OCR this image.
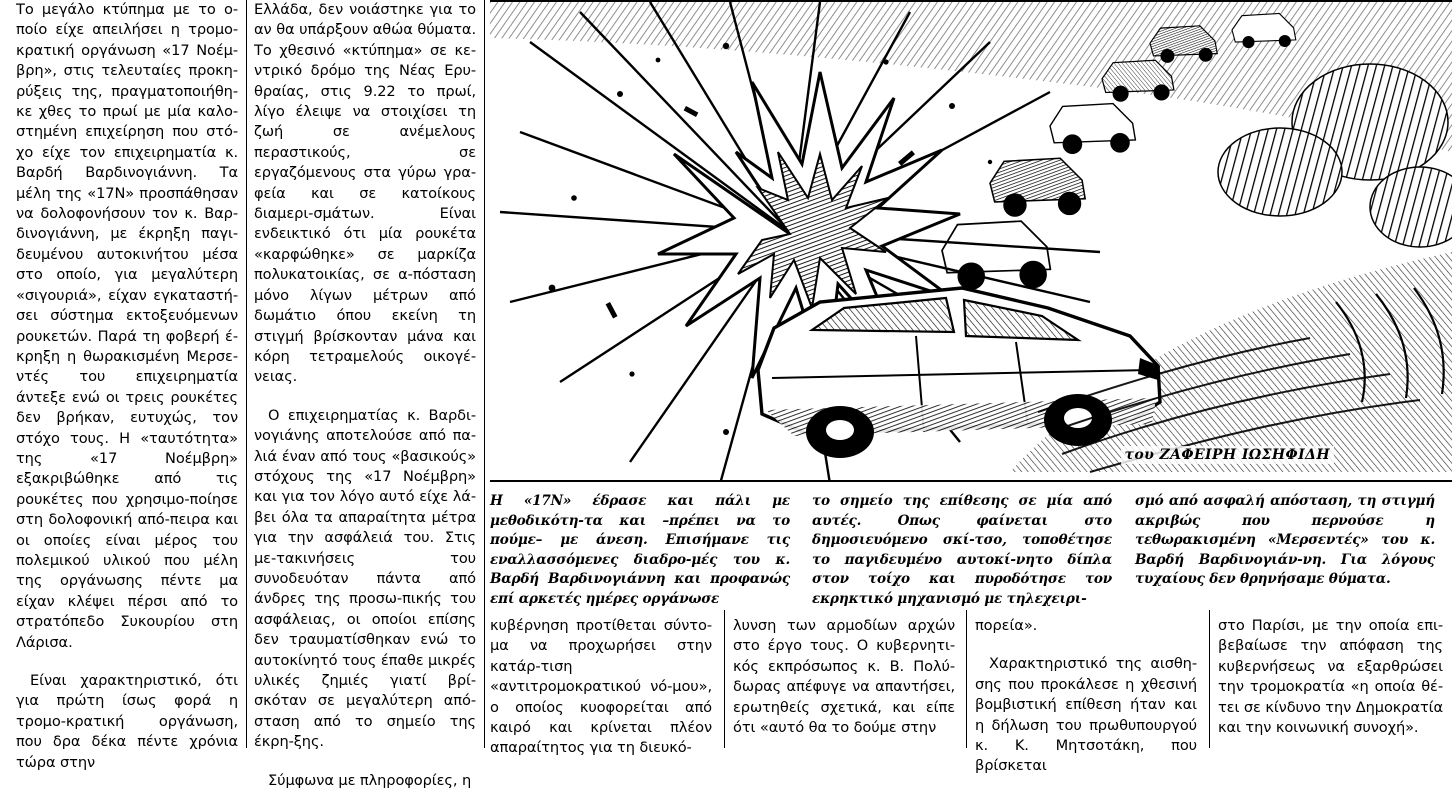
Το μεγάλο κτύπημα με το ο-ποίο είχε απειλήσει η τρομο-κρατική οργάνωση «17 Νοέμ-βρη», στις τελευταίες προκη-ρύξεις της, πραγματοποιήθη-κε χθες το πρωί με μία καλο-στημένη επιχείρηση που στό-χο είχε τον επιχειρηματία κ. Βαρδή Βαρδινογιάννη. Τα μέλη της «17Ν» προσπάθησαν να δολοφονήσουν τον κ. Βαρ-δινογιάννη, με έκρηξη παγι-δευμένου αυτοκινήτου μέσα στο οποίο, για μεγαλύτερη «σιγουριά», είχαν εγκαταστή-σει σύστημα εκτοξευόμενων ρουκετών. Παρά τη φοβερή έ-κρηξη η θωρακισμένη Μερσε-ντές του επιχειρηματία άντεξε ενώ οι τρεις ρουκέτες δεν βρήκαν, ευτυχώς, τον στόχο τους. Η «ταυτότητα» της «17 Νοέμβρη» εξακριβώθηκε από τις ρουκέτες που χρησιμο-ποίησε στη δολοφονική από-πειρα και οι οποίες είναι μέρος του πολεμικού υλικού που μέλη της οργάνωσης πέντε μα είχαν κλέψει πέρσι από το στρατόπεδο Συκουρίου στη Λάρισα.

Είναι χαρακτηριστικό, ότι για πρώτη ίσως φορά η τρομο-κρατική οργάνωση, που δρα δέκα πέντε χρόνια τώρα στην

Ελλάδα, δεν νοιάστηκε για το αν θα υπάρξουν αθώα θύματα. Το χθεσινό «κτύπημα» σε κε-ντρικό δρόμο της Νέας Ερυ-θραίας, στις 9.22 το πρωί, λίγο έλειψε να στοιχίσει τη ζωή σε ανέμελους περαστικούς, σε εργαζόμενους στα γύρω γρα-φεία και σε κατοίκους διαμερι-σμάτων. Είναι ενδεικτικό ότι μία ρουκέτα «καρφώθηκε» σε μαρκίζα πολυκατοικίας, σε α-πόσταση μόνο λίγων μέτρων από δωμάτιο όπου εκείνη τη στιγμή βρίσκονταν μάνα και κόρη τετραμελούς οικογέ-νειας.

Ο επιχειρηματίας κ. Βαρδι-νογιάνης αποτελούσε από πα-λιά έναν από τους «βασικούς» στόχους της «17 Νοέμβρη» και για τον λόγο αυτό είχε λά-βει όλα τα απαραίτητα μέτρα για την ασφάλειά του. Στις με-τακινήσεις του συνοδευόταν πάντα από άνδρες της προσω-πικής του ασφάλειας, οι οποίοι επίσης δεν τραυματίσθηκαν ενώ το αυτοκίνητό τους έπαθε μικρές υλικές ζημιές γιατί βρί-σκόταν σε μεγαλύτερη από-σταση από το σημείο της έκρη-ξης.

Σύμφωνα με πληροφορίες, η

του ΖΑΦΕΙΡΗ ΙΩΣΗΦΙΔΗ
Η «17Ν» έδρασε και πάλι με μεθοδικότη-τα και –πρέπει να το πούμε– με άνεση. Επισήμανε τις εναλλασσόμενες διαδρο-μές του κ. Βαρδή Βαρδινογιάννη και προφανώς επί αρκετές ημέρες οργάνωσε
το σημείο της επίθεσης σε μία από αυτές. Οπως φαίνεται στο δημοσιευόμενο σκί-τσο, τοποθέτησε το παγιδευμένο αυτοκί-νητο δίπλα στον τοίχο και πυροδότησε τον εκρηκτικό μηχανισμό με τηλεχειρι-
σμό από ασφαλή απόσταση, τη στιγμή ακριβώς που περνούσε η τεθωρακισμένη «Μερσεντές» του κ. Βαρδή Βαρδινογιάν-νη. Για λόγους τυχαίους δεν θρηνήσαμε θύματα.

κυβέρνηση προτίθεται σύντο-μα να προχωρήσει στην κατάρ-τιση «αντιτρομοκρατικού νό-μου», ο οποίος κυοφορείται από καιρό και κρίνεται πλέον απαραίτητος για τη διευκό-

λυνση των αρμοδίων αρχών στο έργο τους. Ο κυβερνητι-κός εκπρόσωπος κ. Β. Πολύ-δωρας απέφυγε να απαντήσει, ερωτηθείς σχετικά, και είπε ότι «αυτό θα το δούμε στην

πορεία».

Χαρακτηριστικό της αισθη-σης που προκάλεσε η χθεσινή βομβιστική επίθεση ήταν και η δήλωση του πρωθυπουργού κ. Κ. Μητσοτάκη, που βρίσκεται

στο Παρίσι, με την οποία επι-βεβαίωσε την απόφαση της κυβερνήσεως να εξαρθρώσει την τρομοκρατία «η οποία θέ-τει σε κίνδυνο την Δημοκρατία και την κοινωνική συνοχή».
